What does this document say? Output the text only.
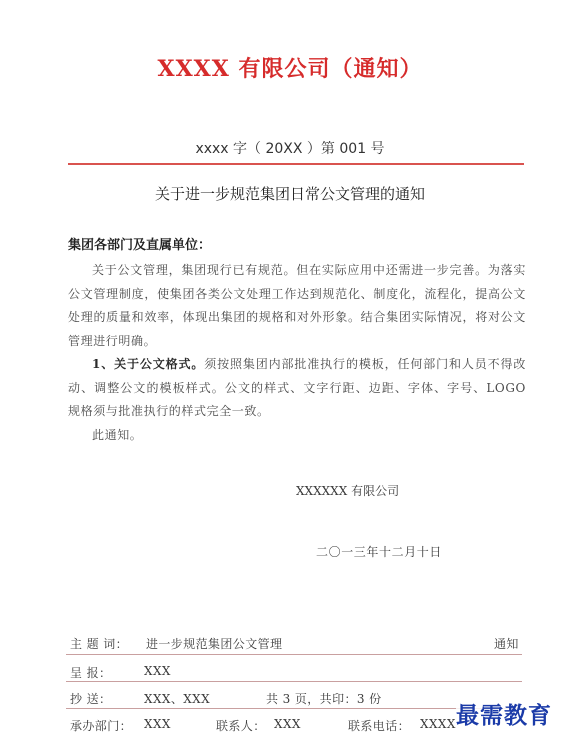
XXXX 有限公司（通知）
xxxx 字（ 20XX ）第 001 号
关于进一步规范集团日常公文管理的通知
集团各部门及直属单位：

关于公文管理，集团现行已有规范。但在实际应用中还需进一步完善。为落实公文管理制度，使集团各类公文处理工作达到规范化、制度化，流程化，提高公文处理的质量和效率，体现出集团的规格和对外形象。结合集团实际情况，将对公文管理进行明确。

1、关于公文格式。须按照集团内部批准执行的模板，任何部门和人员不得改动、调整公文的模板样式。公文的样式、文字行距、边距、字体、字号、LOGO 规格须与批准执行的样式完全一致。

此通知。

XXXXXX 有限公司
二〇一三年十二月十日
主 题 词： 进一步规范集团公文管理	通知
呈 报：	XXX
抄 送：	XXX、XXX	共 3 页，共印：3 份
承办部门： XXX	联系人： XXX	联系电话： XXXX 最需教育
